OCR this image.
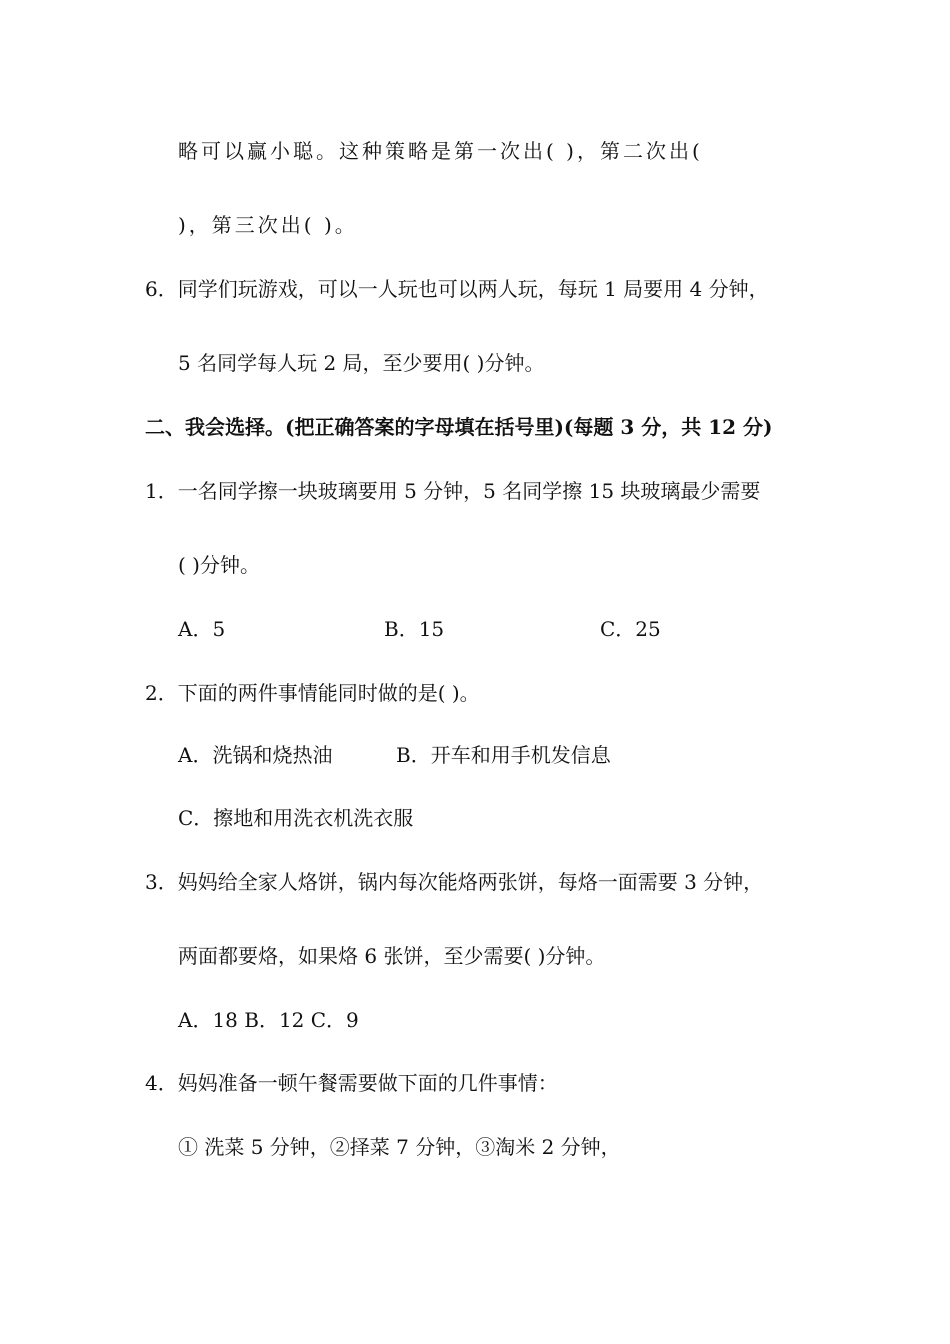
略可以赢小聪。这种策略是第一次出( )，第二次出(
)，第三次出( )。
6．同学们玩游戏，可以一人玩也可以两人玩，每玩 1 局要用 4 分钟，
5 名同学每人玩 2 局，至少要用( )分钟。
二、我会选择。(把正确答案的字母填在括号里)(每题 3 分，共 12 分)
1．一名同学擦一块玻璃要用 5 分钟，5 名同学擦 15 块玻璃最少需要
( )分钟。
A．5	B．15	C．25
2．下面的两件事情能同时做的是( )。
A．洗锅和烧热油	B．开车和用手机发信息
C．擦地和用洗衣机洗衣服
3．妈妈给全家人烙饼，锅内每次能烙两张饼，每烙一面需要 3 分钟，
两面都要烙，如果烙 6 张饼，至少需要( )分钟。
A．18 B．12 C．9
4．妈妈准备一顿午餐需要做下面的几件事情：
① 洗菜 5 分钟，②择菜 7 分钟，③淘米 2 分钟，
